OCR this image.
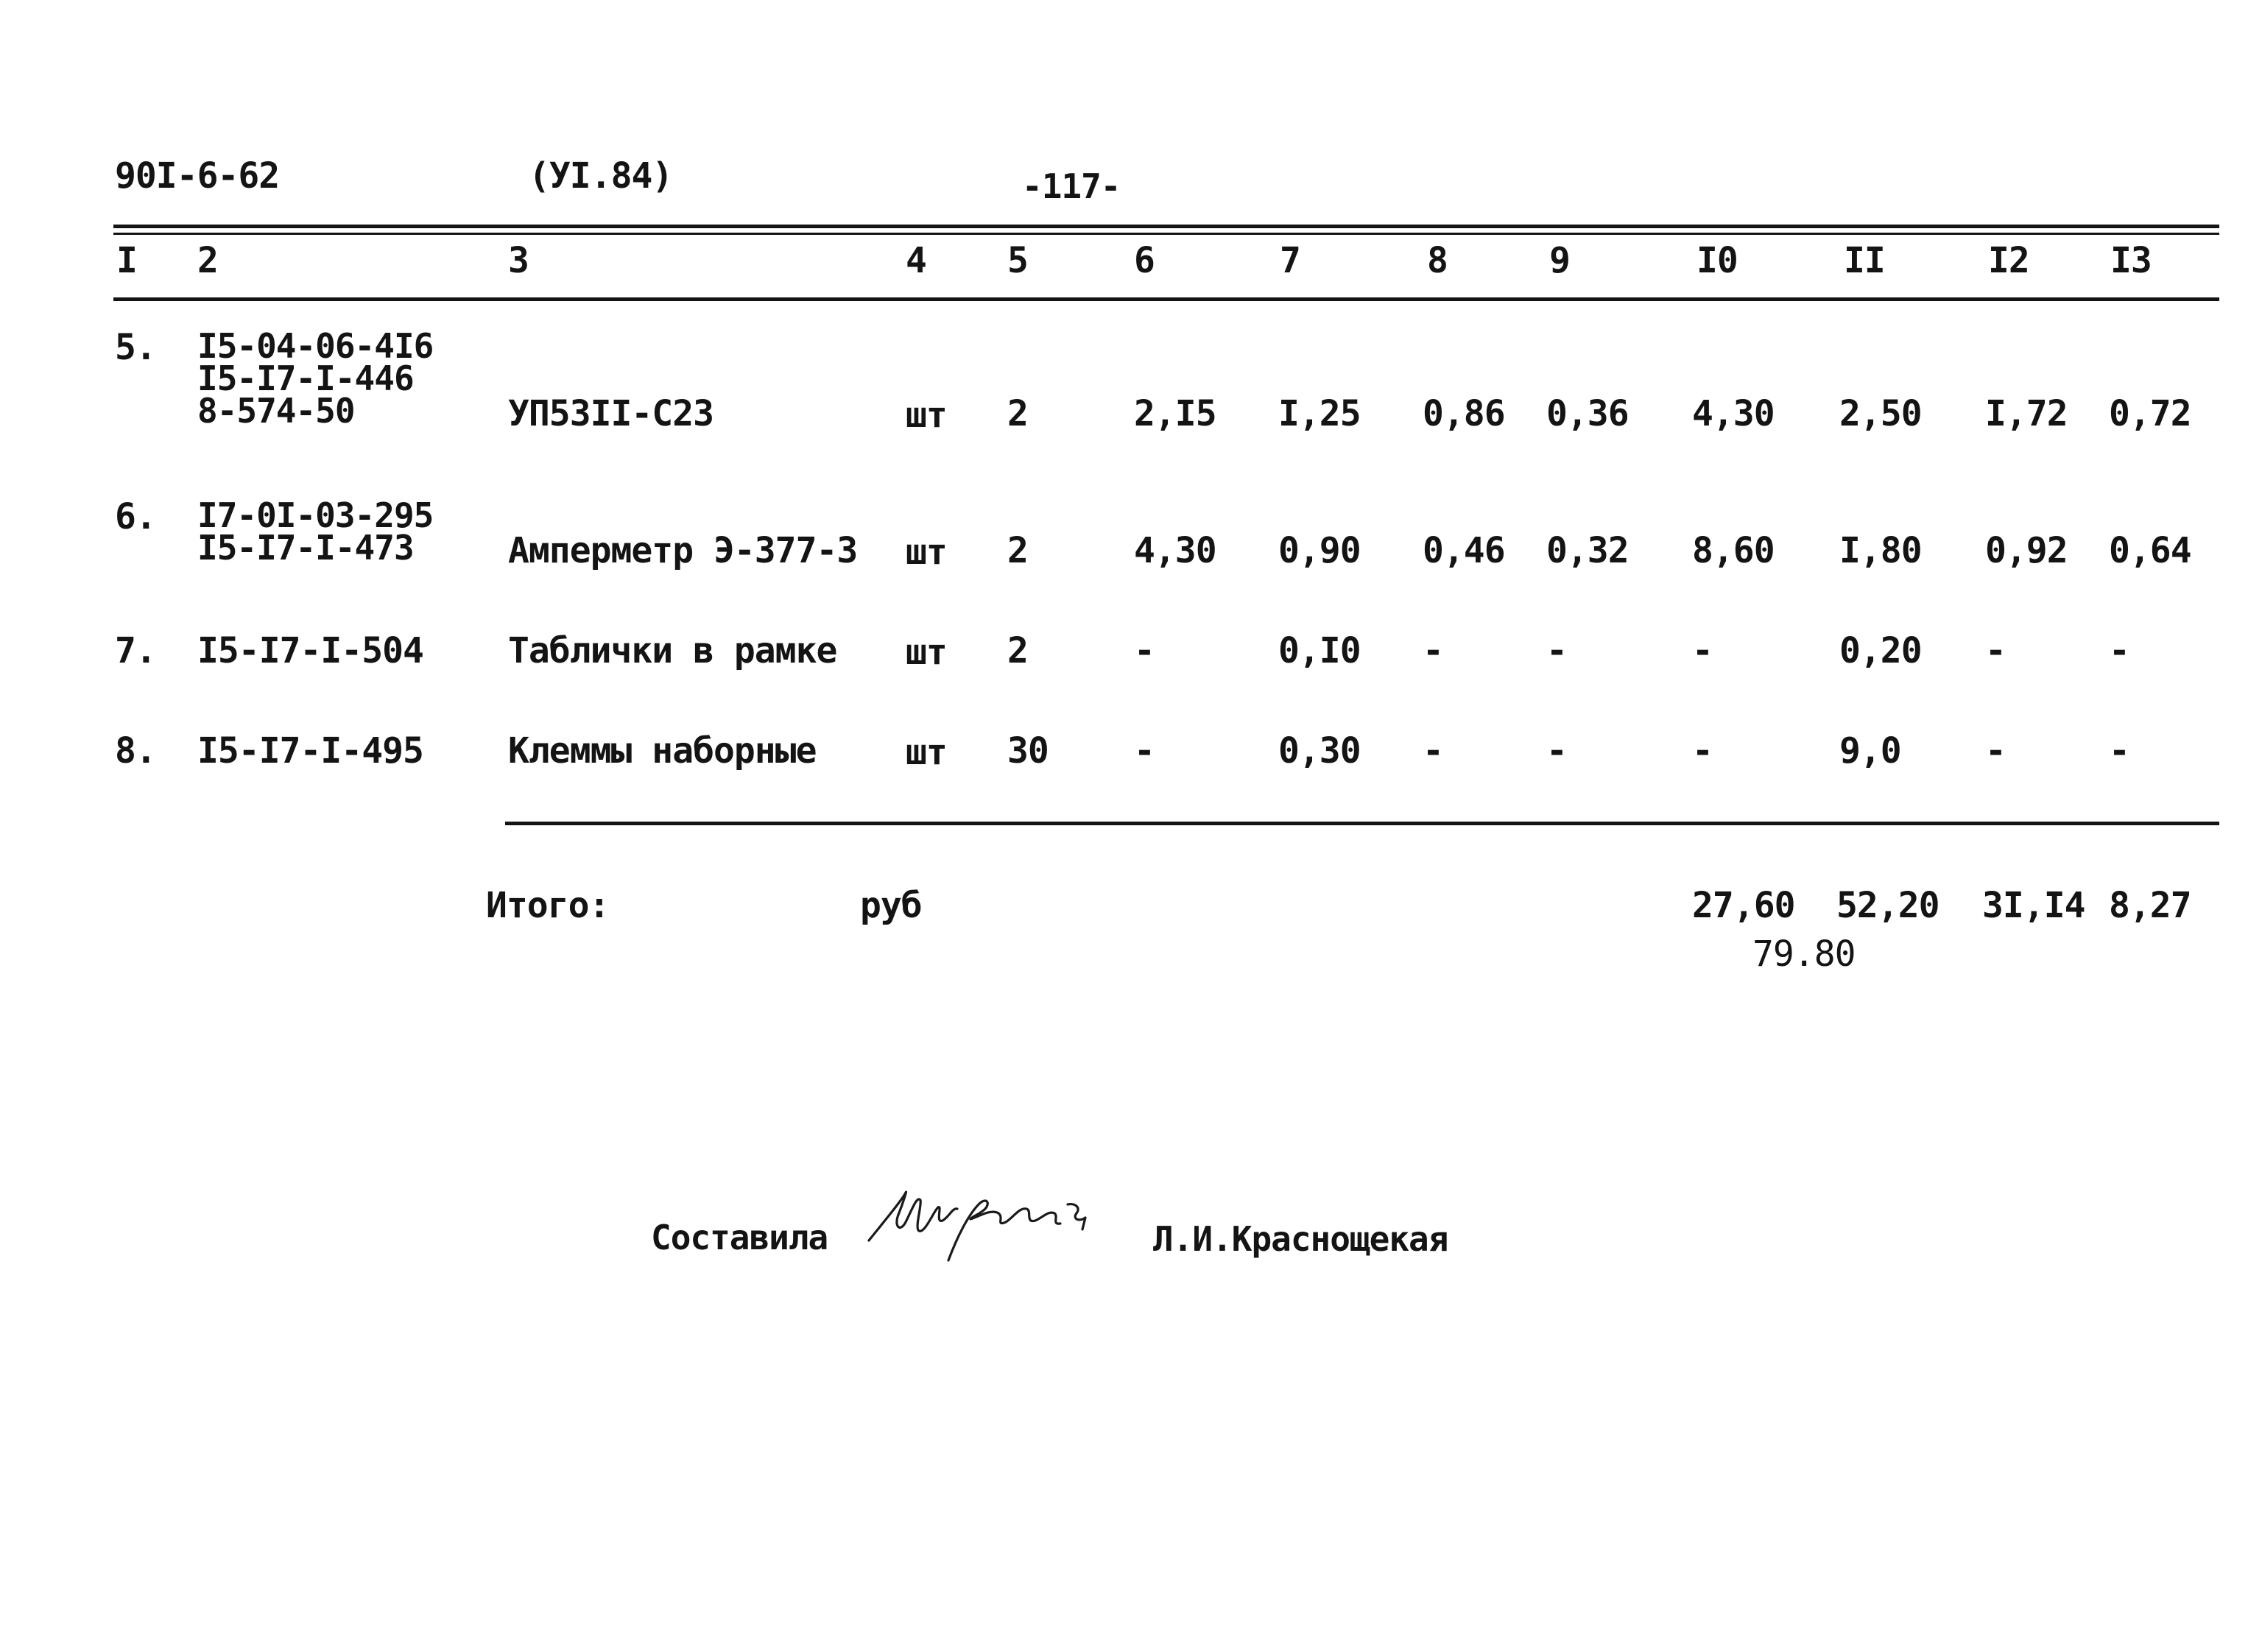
90I-6-62	(УI.84)	-117-
I 2	3	4 5	6	7	8	9	I0	II	I2 I3
5. I5-04-06-4I6
I5-I7-I-446
8-574-50	УП53II-С23	шт 2	2,I5 I,25 0,86 0,36 4,30 2,50 I,72 0,72
6. I7-0I-03-295
I5-I7-I-473	Амперметр Э-377-3 шт 2	4,30 0,90 0,46 0,32 8,60 I,80 0,92 0,64
7. I5-I7-I-504 Таблички в рамке шт 2	-	0,I0 -	-	-	0,20 -	-
8. I5-I7-I-495 Клеммы наборные	шт 30 -	0,30 -	-	-	9,0 -	-
Итого:	руб	27,60 52,20 3I,I4 8,27
79.80
Составила	Л.И.Краснощекая
